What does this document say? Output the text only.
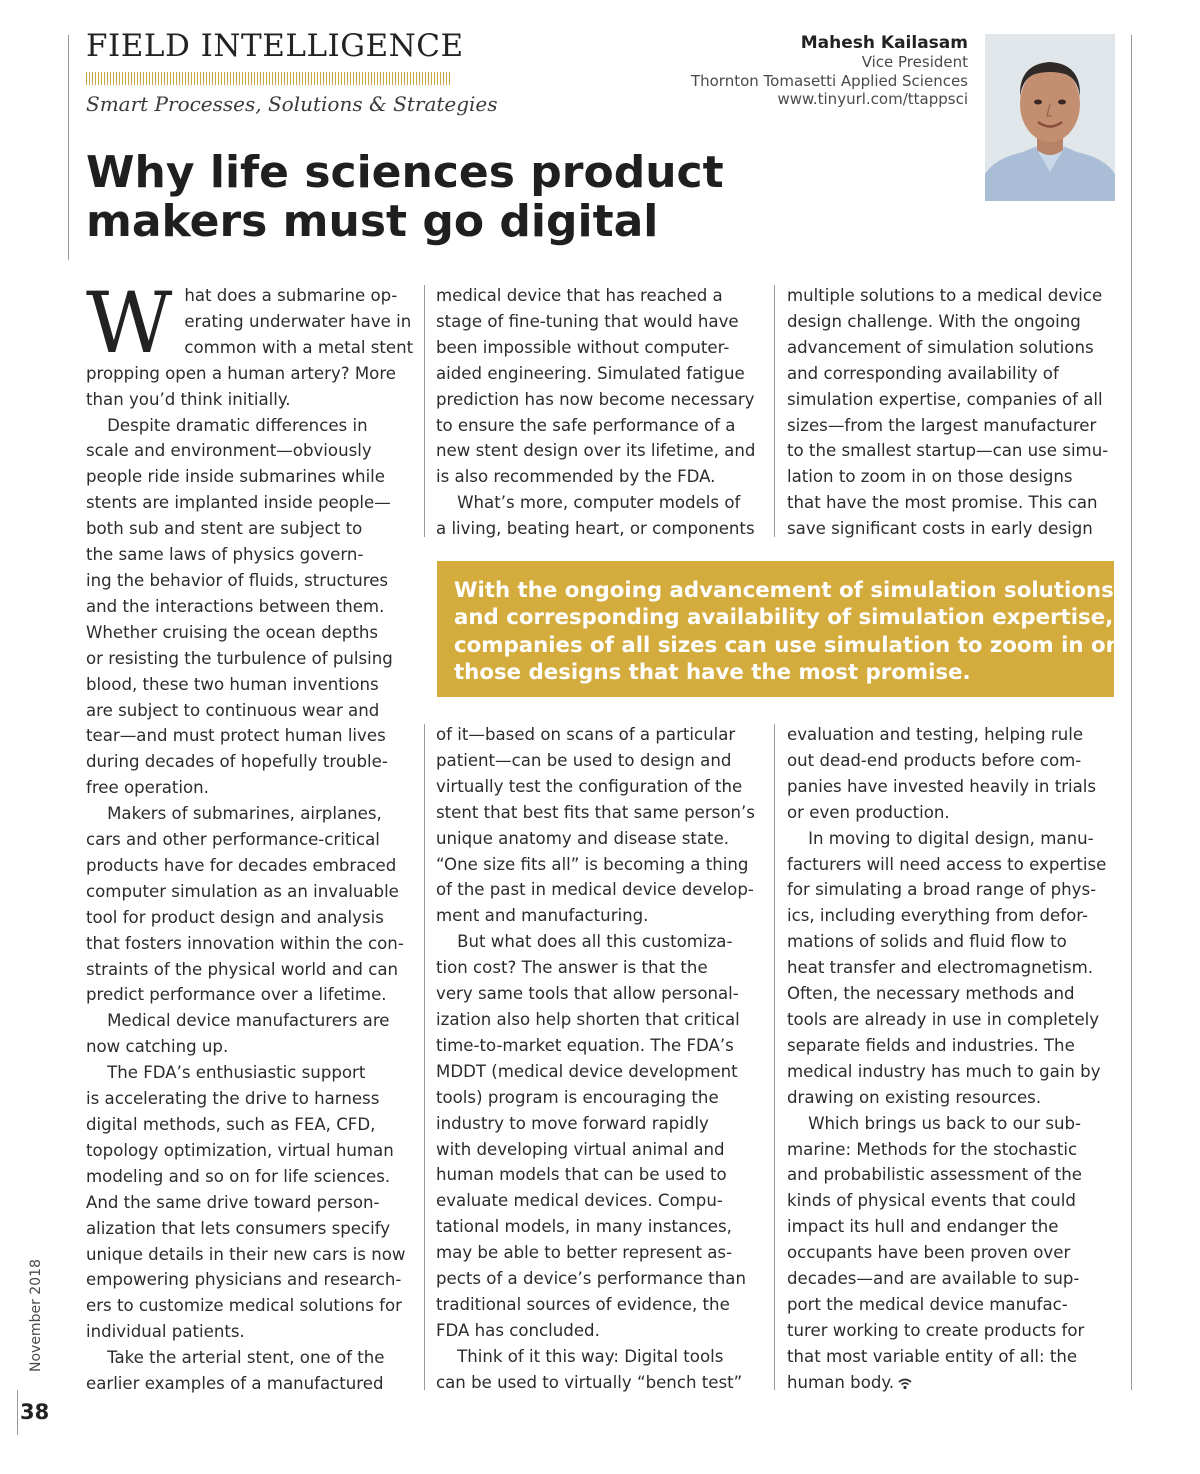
FIELD INTELLIGENCE

Smart Processes, Solutions & Strategies

Mahesh Kailasam
Vice President
Thornton Tomasetti Applied Sciences
www.tinyurl.com/ttappsci
Why life sciences product
makers must go digital
W hat does a submarine op-
erating underwater have in
common with a metal stent
propping open a human artery? More
than you’d think initially.
Despite dramatic differences in
scale and environment—obviously
people ride inside submarines while
stents are implanted inside people—
both sub and stent are subject to
the same laws of physics govern-
ing the behavior of fluids, structures
and the interactions between them.
Whether cruising the ocean depths
or resisting the turbulence of pulsing
blood, these two human inventions
are subject to continuous wear and
tear—and must protect human lives
during decades of hopefully trouble-
free operation.
Makers of submarines, airplanes,
cars and other performance-critical
products have for decades embraced
computer simulation as an invaluable
tool for product design and analysis
that fosters innovation within the con-
straints of the physical world and can
predict performance over a lifetime.
Medical device manufacturers are
now catching up.
The FDA’s enthusiastic support
is accelerating the drive to harness
digital methods, such as FEA, CFD,
topology optimization, virtual human
modeling and so on for life sciences.
And the same drive toward person-
alization that lets consumers specify
unique details in their new cars is now
empowering physicians and research-
ers to customize medical solutions for
individual patients.
Take the arterial stent, one of the
earlier examples of a manufactured
medical device that has reached a
stage of fine-tuning that would have
been impossible without computer-
aided engineering. Simulated fatigue
prediction has now become necessary
to ensure the safe performance of a
new stent design over its lifetime, and
is also recommended by the FDA.
What’s more, computer models of
a living, beating heart, or components
multiple solutions to a medical device
design challenge. With the ongoing
advancement of simulation solutions
and corresponding availability of
simulation expertise, companies of all
sizes—from the largest manufacturer
to the smallest startup—can use simu-
lation to zoom in on those designs
that have the most promise. This can
save significant costs in early design
With the ongoing advancement of simulation solutions
and corresponding availability of simulation expertise,
companies of all sizes can use simulation to zoom in on
those designs that have the most promise.
of it—based on scans of a particular
patient—can be used to design and
virtually test the configuration of the
stent that best fits that same person’s
unique anatomy and disease state.
“One size fits all” is becoming a thing
of the past in medical device develop-
ment and manufacturing.
But what does all this customiza-
tion cost? The answer is that the
very same tools that allow personal-
ization also help shorten that critical
time-to-market equation. The FDA’s
MDDT (medical device development
tools) program is encouraging the
industry to move forward rapidly
with developing virtual animal and
human models that can be used to
evaluate medical devices. Compu-
tational models, in many instances,
may be able to better represent as-
pects of a device’s performance than
traditional sources of evidence, the
FDA has concluded.
Think of it this way: Digital tools
can be used to virtually “bench test”
evaluation and testing, helping rule
out dead-end products before com-
panies have invested heavily in trials
or even production.
In moving to digital design, manu-
facturers will need access to expertise
for simulating a broad range of phys-
ics, including everything from defor-
mations of solids and fluid flow to
heat transfer and electromagnetism.
Often, the necessary methods and
tools are already in use in completely
separate fields and industries. The
medical industry has much to gain by
drawing on existing resources.
Which brings us back to our sub-
marine: Methods for the stochastic
and probabilistic assessment of the
kinds of physical events that could
impact its hull and endanger the
occupants have been proven over
decades—and are available to sup-
port the medical device manufac-
turer working to create products for
that most variable entity of all: the
human body.
November 2018
38
